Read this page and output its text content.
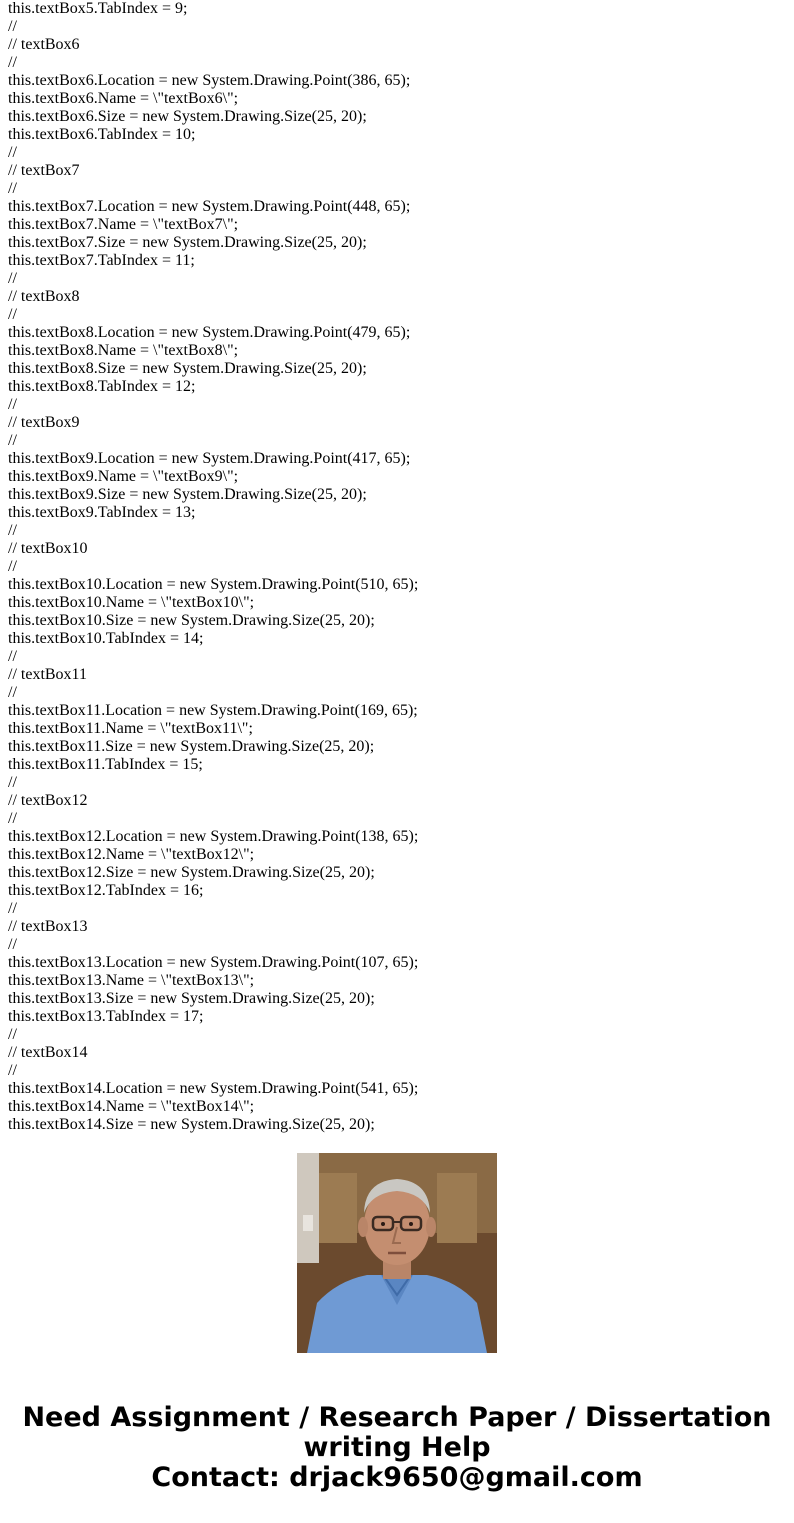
this.textBox5.TabIndex = 9;
//
// textBox6
//
this.textBox6.Location = new System.Drawing.Point(386, 65);
this.textBox6.Name = \"textBox6\";
this.textBox6.Size = new System.Drawing.Size(25, 20);
this.textBox6.TabIndex = 10;
//
// textBox7
//
this.textBox7.Location = new System.Drawing.Point(448, 65);
this.textBox7.Name = \"textBox7\";
this.textBox7.Size = new System.Drawing.Size(25, 20);
this.textBox7.TabIndex = 11;
//
// textBox8
//
this.textBox8.Location = new System.Drawing.Point(479, 65);
this.textBox8.Name = \"textBox8\";
this.textBox8.Size = new System.Drawing.Size(25, 20);
this.textBox8.TabIndex = 12;
//
// textBox9
//
this.textBox9.Location = new System.Drawing.Point(417, 65);
this.textBox9.Name = \"textBox9\";
this.textBox9.Size = new System.Drawing.Size(25, 20);
this.textBox9.TabIndex = 13;
//
// textBox10
//
this.textBox10.Location = new System.Drawing.Point(510, 65);
this.textBox10.Name = \"textBox10\";
this.textBox10.Size = new System.Drawing.Size(25, 20);
this.textBox10.TabIndex = 14;
//
// textBox11
//
this.textBox11.Location = new System.Drawing.Point(169, 65);
this.textBox11.Name = \"textBox11\";
this.textBox11.Size = new System.Drawing.Size(25, 20);
this.textBox11.TabIndex = 15;
//
// textBox12
//
this.textBox12.Location = new System.Drawing.Point(138, 65);
this.textBox12.Name = \"textBox12\";
this.textBox12.Size = new System.Drawing.Size(25, 20);
this.textBox12.TabIndex = 16;
//
// textBox13
//
this.textBox13.Location = new System.Drawing.Point(107, 65);
this.textBox13.Name = \"textBox13\";
this.textBox13.Size = new System.Drawing.Size(25, 20);
this.textBox13.TabIndex = 17;
//
// textBox14
//
this.textBox14.Location = new System.Drawing.Point(541, 65);
this.textBox14.Name = \"textBox14\";
this.textBox14.Size = new System.Drawing.Size(25, 20);
Need Assignment / Research Paper / Dissertation
writing Help
Contact: drjack9650@gmail.com
